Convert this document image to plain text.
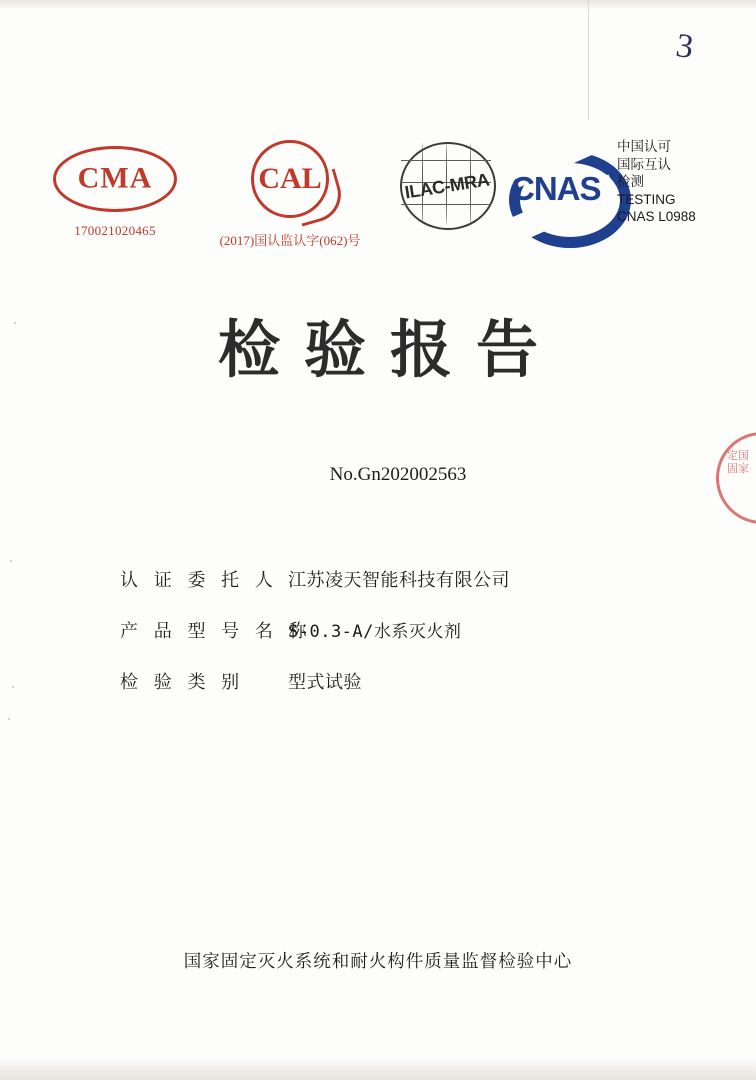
3
CMA
170021020465
CAL
(2017)国认监认字(062)号
ILAC-MRA CNAS
中国认可
国际互认
检测
TESTING
CNAS L0988
检验报告
No.Gn202002563
定国固家
认 证 委 托 人 江苏凌天智能科技有限公司
产 品 型 号 名 称
S-0.3-A/水系灭火剂
检 验 类 别	型式试验
国家固定灭火系统和耐火构件质量监督检验中心
